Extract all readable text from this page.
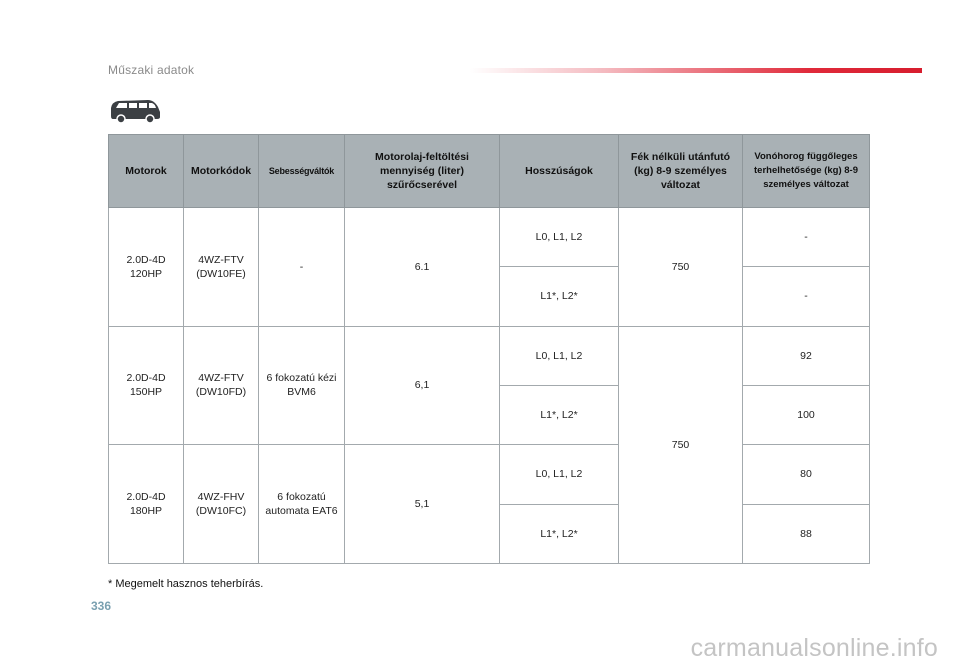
Műszaki adatok
Motorok	Motorkódok	Sebességváltók	Motorolaj-feltöltési mennyiség (liter) szűrőcserével	Hosszúságok	Fék nélküli utánfutó (kg) 8-9 személyes változat	Vonóhorog függőleges terhelhetősége (kg) 8-9 személyes változat
2.0D-4D 120HP	4WZ-FTV (DW10FE)	-	6.1	L0, L1, L2	750	-
				L1*, L2*		-
2.0D-4D 150HP	4WZ-FTV (DW10FD)	6 fokozatú kézi BVM6	6,1	L0, L1, L2	750	92
				L1*, L2*		100
2.0D-4D 180HP	4WZ-FHV (DW10FC)	6 fokozatú automata EAT6	5,1	L0, L1, L2		80
				L1*, L2*		88
* Megemelt hasznos teherbírás.
336
carmanualsonline.info
